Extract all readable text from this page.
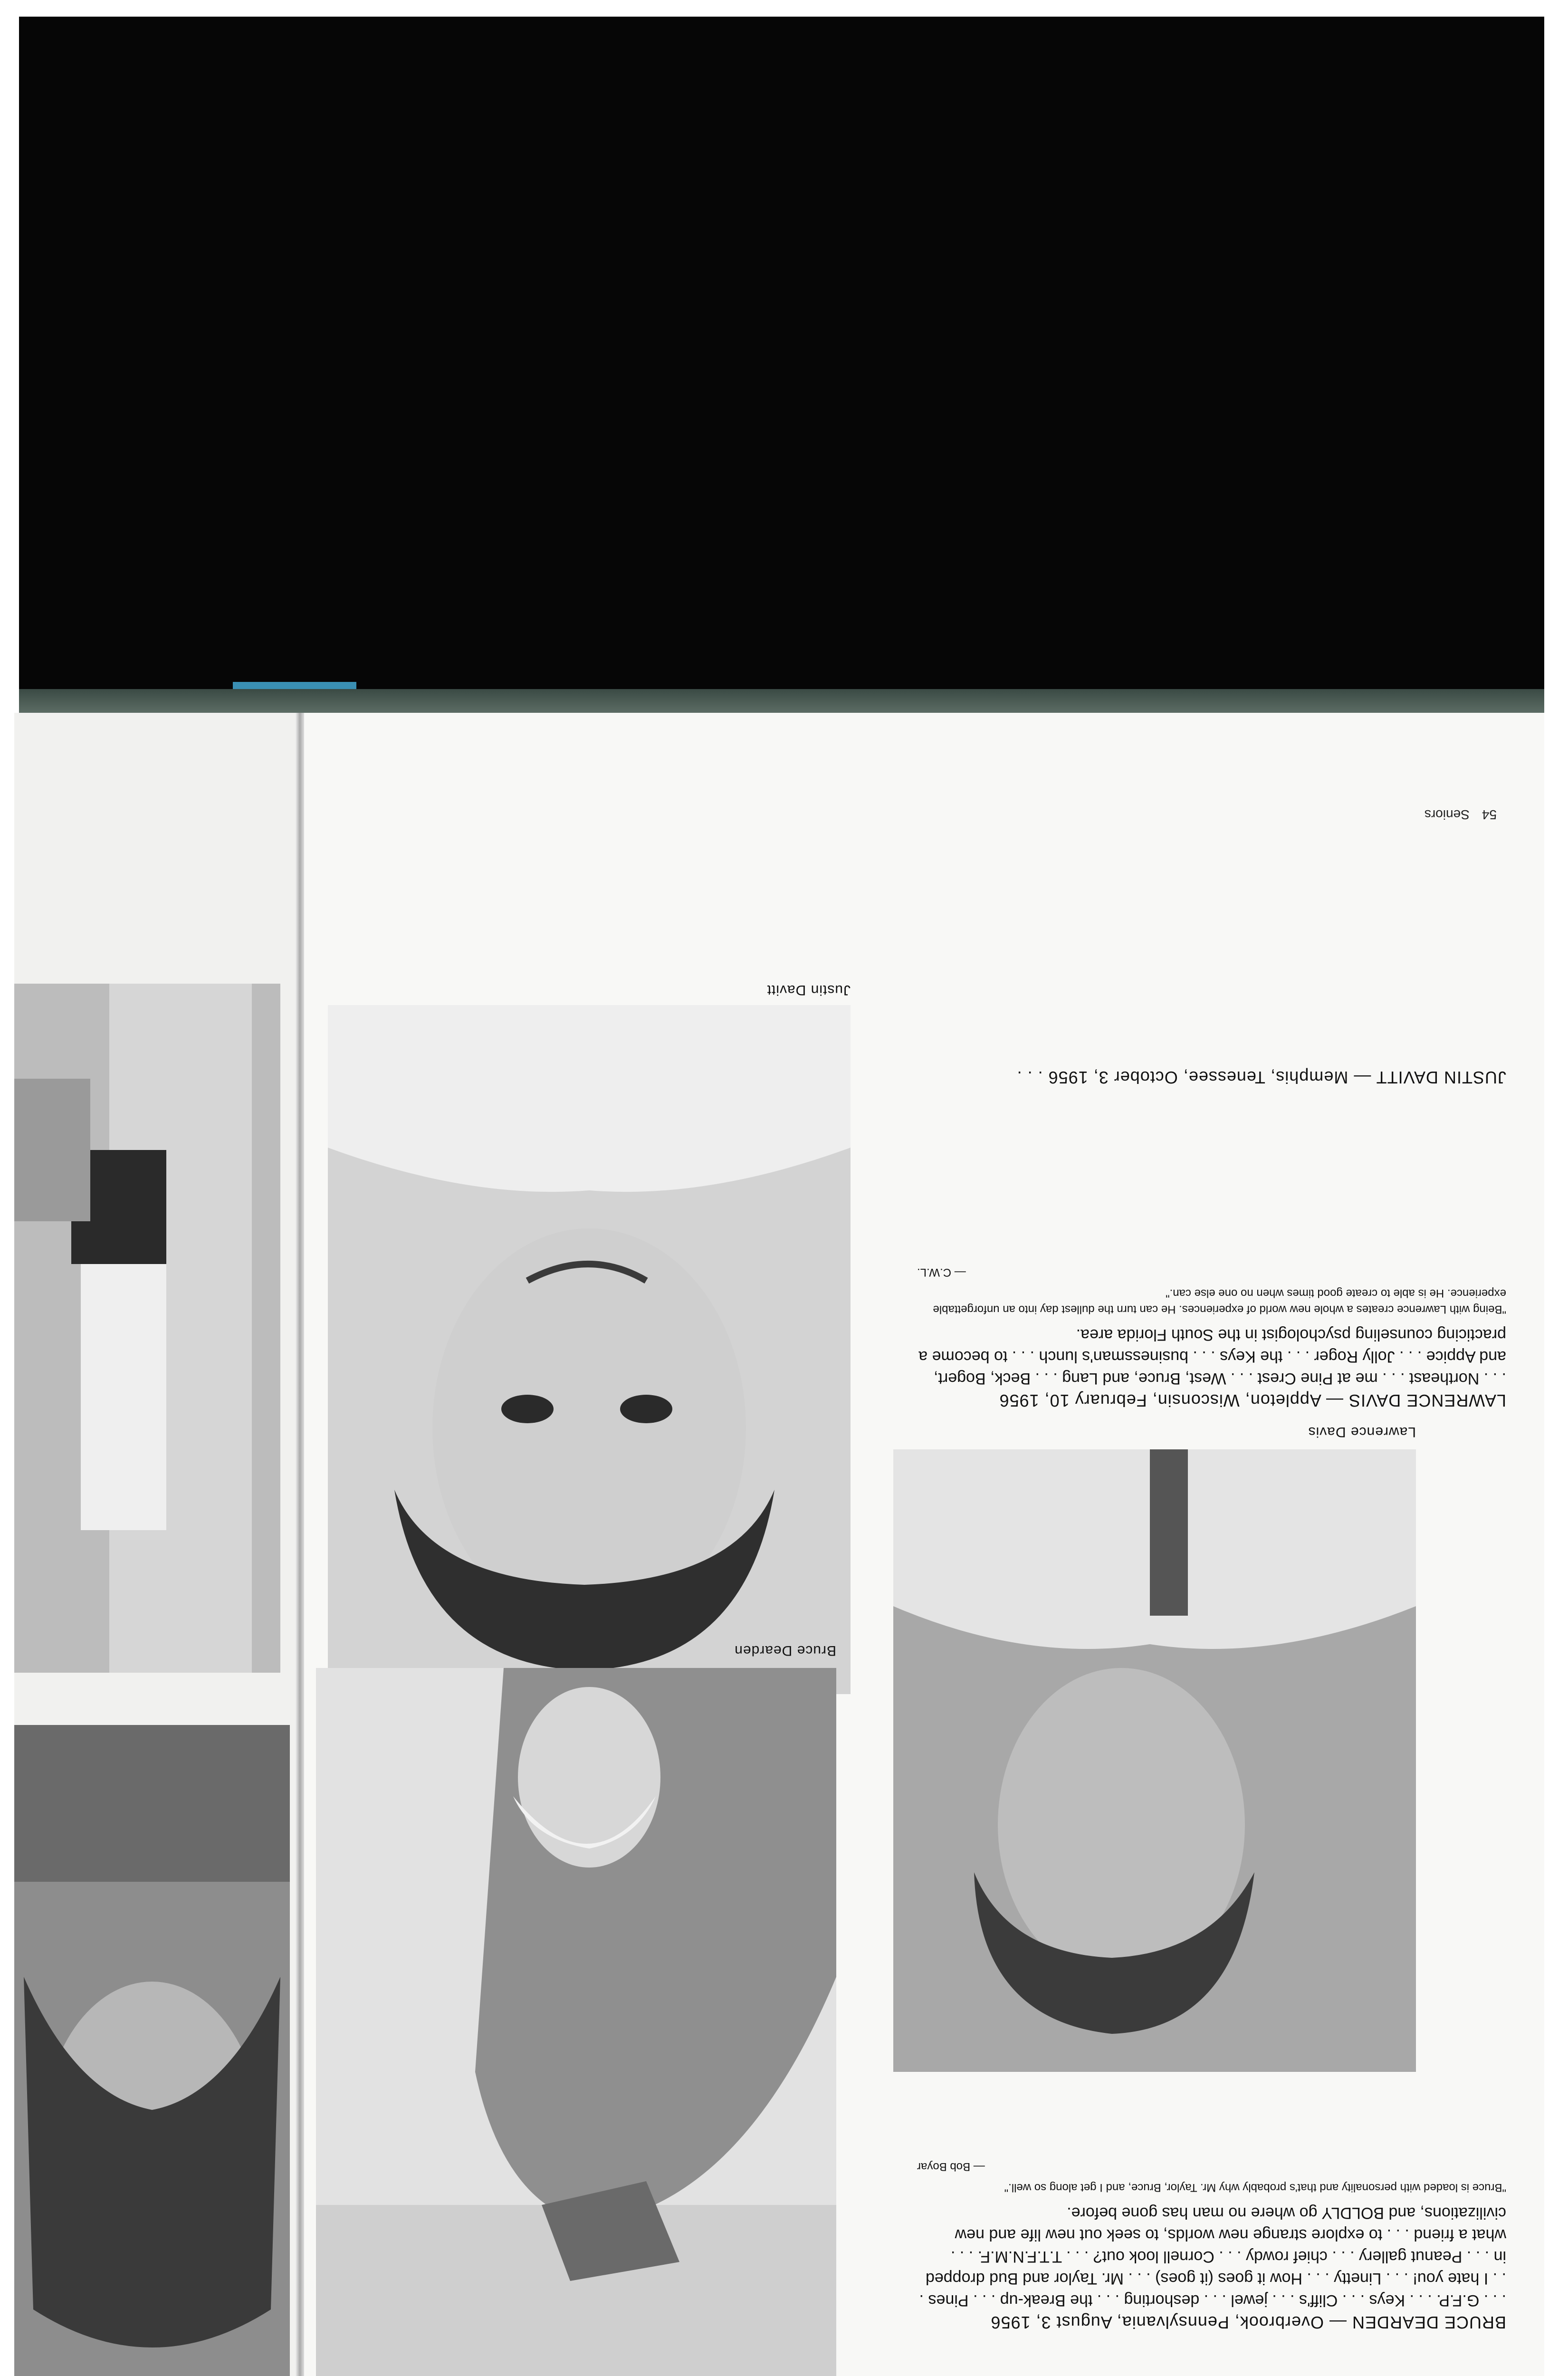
Justin Davitt
Bruce Dearden
Lawrence Davis

BRUCE DEARDEN — Overbrook, Pennsylvania, August 3, 1956

. . . G.F.P. . . . Keys . . . Cliff's . . . jewel . . . deshorting . . . the Break-up . . . Pines . . . I hate you! . . . Linetty . . . How it goes (it goes) . . . Mr. Taylor and Bud dropped in . . . Peanut gallery . . . chief rowdy . . . Cornell look out? . . . T.T.F.N.M.F. . . . what a friend . . . to explore strange new worlds, to seek out new life and new civilizations, and BOLDLY go where no man has gone before.

"Bruce is loaded with personality and that's probably why Mr. Taylor, Bruce, and I get along so well."

— Bob Boyar

LAWRENCE DAVIS — Appleton, Wisconsin, February 10, 1956

. . . Northeast . . . me at Pine Crest . . . West, Bruce, and Lang . . . Beck, Bogert, and Appice . . . Jolly Roger . . . the Keys . . . businessman's lunch . . . to become a practicing counseling psychologist in the South Florida area.

"Being with Lawrence creates a whole new world of experiences. He can turn the dullest day into an unforgettable experience. He is able to create good times when no one else can."

— C.W.L.

JUSTIN DAVITT — Memphis, Tenessee, October 3, 1956 . . .

54Seniors
